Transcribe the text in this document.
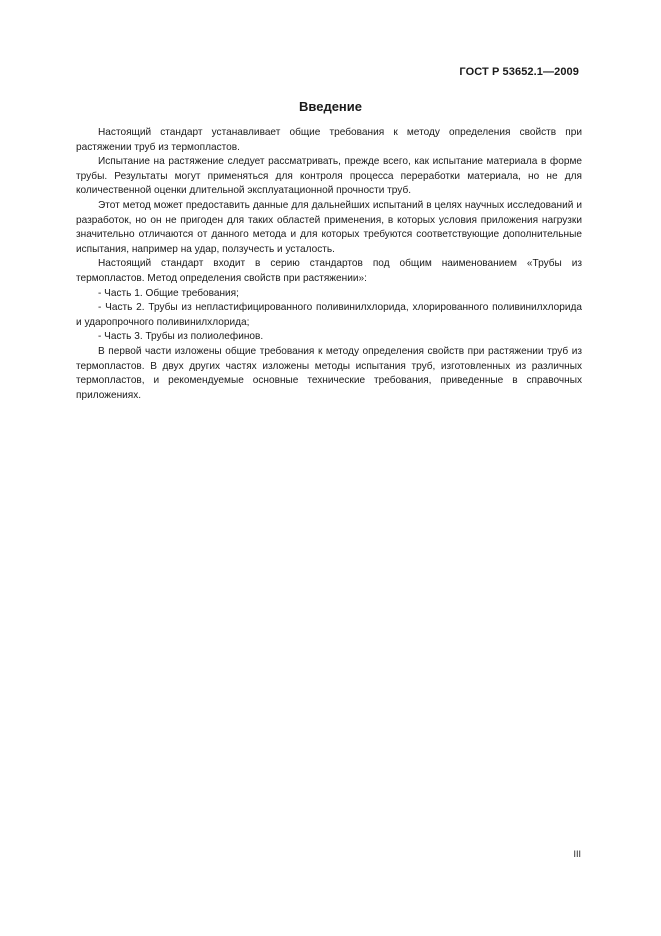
ГОСТ Р 53652.1—2009
Введение

Настоящий стандарт устанавливает общие требования к методу определения свойств при растяжении труб из термопластов.

Испытание на растяжение следует рассматривать, прежде всего, как испытание материала в форме трубы. Результаты могут применяться для контроля процесса переработки материала, но не для количественной оценки длительной эксплуатационной прочности труб.

Этот метод может предоставить данные для дальнейших испытаний в целях научных исследований и разработок, но он не пригоден для таких областей применения, в которых условия приложения нагрузки значительно отличаются от данного метода и для которых требуются соответствующие дополнительные испытания, например на удар, ползучесть и усталость.

Настоящий стандарт входит в серию стандартов под общим наименованием «Трубы из термопластов. Метод определения свойств при растяжении»:

- Часть 1. Общие требования;

- Часть 2. Трубы из непластифицированного поливинилхлорида, хлорированного поливинилхлорида и ударопрочного поливинилхлорида;

- Часть 3. Трубы из полиолефинов.

В первой части изложены общие требования к методу определения свойств при растяжении труб из термопластов. В двух других частях изложены методы испытания труб, изготовленных из различных термопластов, и рекомендуемые основные технические требования, приведенные в справочных приложениях.

III
